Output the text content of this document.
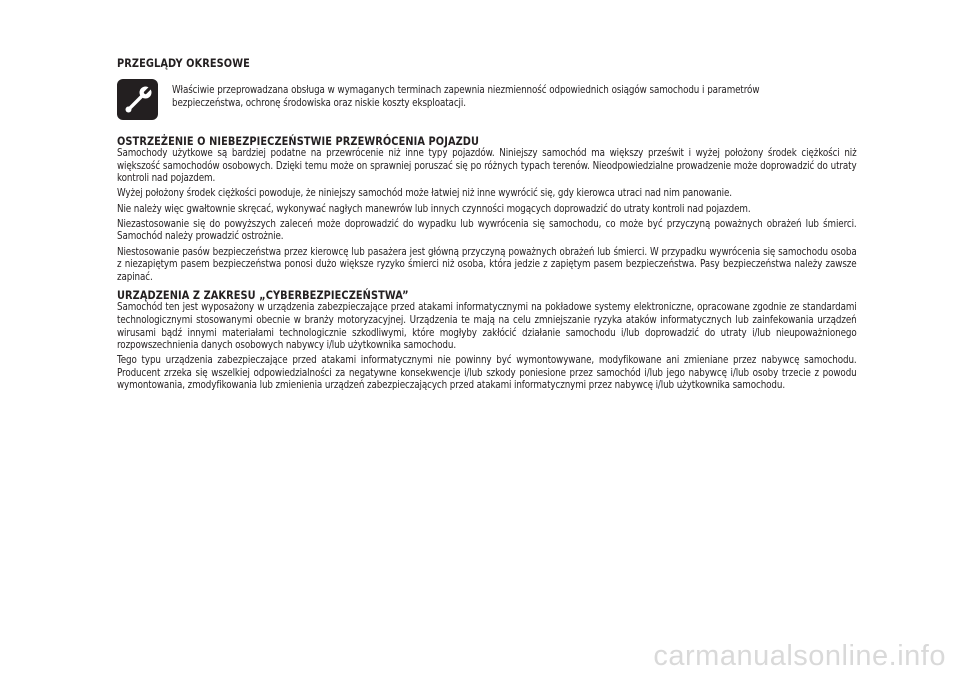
PRZEGLĄDY OKRESOWE
Właściwie przeprowadzana obsługa w wymaganych terminach zapewnia niezmienność odpowiednich osiągów samochodu i parametrów bezpieczeństwa, ochronę środowiska oraz niskie koszty eksploatacji.
OSTRZEŻENIE O NIEBEZPIECZEŃSTWIE PRZEWRÓCENIA POJAZDU
Samochody użytkowe są bardziej podatne na przewrócenie niż inne typy pojazdów. Niniejszy samochód ma większy prześwit i wyżej położony środek ciężkości niż większość samochodów osobowych. Dzięki temu może on sprawniej poruszać się po różnych typach terenów. Nieodpowiedzialne prowadzenie może doprowadzić do utraty kontroli nad pojazdem.
Wyżej położony środek ciężkości powoduje, że niniejszy samochód może łatwiej niż inne wywrócić się, gdy kierowca utraci nad nim panowanie.
Nie należy więc gwałtownie skręcać, wykonywać nagłych manewrów lub innych czynności mogących doprowadzić do utraty kontroli nad pojazdem.
Niezastosowanie się do powyższych zaleceń może doprowadzić do wypadku lub wywrócenia się samochodu, co może być przyczyną poważnych obrażeń lub śmierci. Samochód należy prowadzić ostrożnie.
Niestosowanie pasów bezpieczeństwa przez kierowcę lub pasażera jest główną przyczyną poważnych obrażeń lub śmierci. W przypadku wywrócenia się samochodu osoba z niezapiętym pasem bezpieczeństwa ponosi dużo większe ryzyko śmierci niż osoba, która jedzie z zapiętym pasem bezpieczeństwa. Pasy bezpieczeństwa należy zawsze zapinać.
URZĄDZENIA Z ZAKRESU „CYBERBEZPIECZEŃSTWA”
Samochód ten jest wyposażony w urządzenia zabezpieczające przed atakami informatycznymi na pokładowe systemy elektroniczne, opracowane zgodnie ze standardami technologicznymi stosowanymi obecnie w branży motoryzacyjnej. Urządzenia te mają na celu zmniejszanie ryzyka ataków informatycznych lub zainfekowania urządzeń wirusami bądź innymi materiałami technologicznie szkodliwymi, które mogłyby zakłócić działanie samochodu i/lub doprowadzić do utraty i/lub nieupoważnionego rozpowszechnienia danych osobowych nabywcy i/lub użytkownika samochodu.
Tego typu urządzenia zabezpieczające przed atakami informatycznymi nie powinny być wymontowywane, modyfikowane ani zmieniane przez nabywcę samochodu. Producent zrzeka się wszelkiej odpowiedzialności za negatywne konsekwencje i/lub szkody poniesione przez samochód i/lub jego nabywcę i/lub osoby trzecie z powodu wymontowania, zmodyfikowania lub zmienienia urządzeń zabezpieczających przed atakami informatycznymi przez nabywcę i/lub użytkownika samochodu.
carmanualsonline.info
